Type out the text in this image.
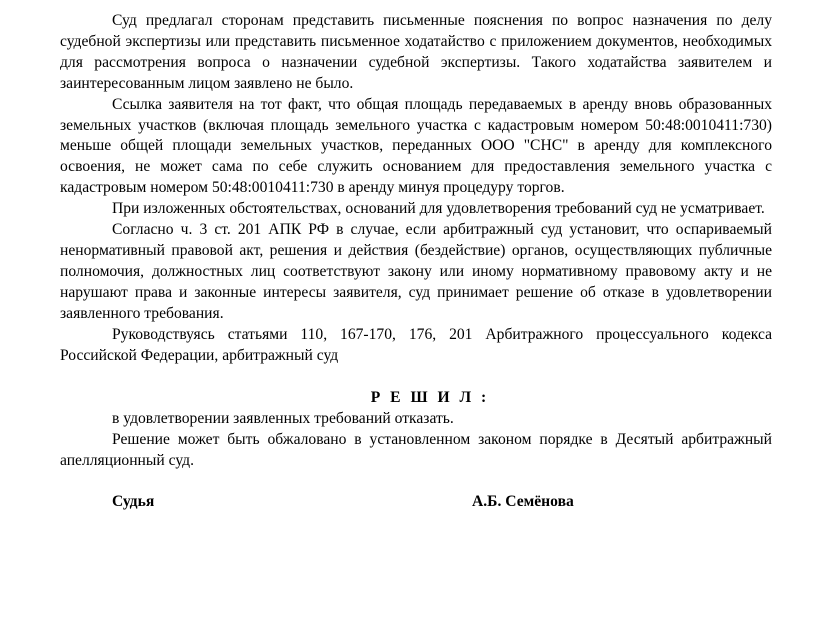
Суд предлагал сторонам представить письменные пояснения по вопрос назначения по делу судебной экспертизы или представить письменное ходатайство с приложением документов, необходимых для рассмотрения вопроса о назначении судебной экспертизы. Такого ходатайства заявителем и заинтересованным лицом заявлено не было.

Ссылка заявителя на тот факт, что общая площадь передаваемых в аренду вновь образованных земельных участков (включая площадь земельного участка с кадастровым номером 50:48:0010411:730) меньше общей площади земельных участков, переданных ООО "СНС" в аренду для комплексного освоения, не может сама по себе служить основанием для предоставления земельного участка с кадастровым номером 50:48:0010411:730 в аренду минуя процедуру торгов.

При изложенных обстоятельствах, оснований для удовлетворения требований суд не усматривает.

Согласно ч. 3 ст. 201 АПК РФ в случае, если арбитражный суд установит, что оспариваемый ненормативный правовой акт, решения и действия (бездействие) органов, осуществляющих публичные полномочия, должностных лиц соответствуют закону или иному нормативному правовому акту и не нарушают права и законные интересы заявителя, суд принимает решение об отказе в удовлетворении заявленного требования.

Руководствуясь статьями 110, 167-170, 176, 201 Арбитражного процессуального кодекса Российской Федерации, арбитражный суд

Р Е Ш И Л :

в удовлетворении заявленных требований отказать.

Решение может быть обжаловано в установленном законом порядке в Десятый арбитражный апелляционный суд.

Судья	А.Б. Семёнова
